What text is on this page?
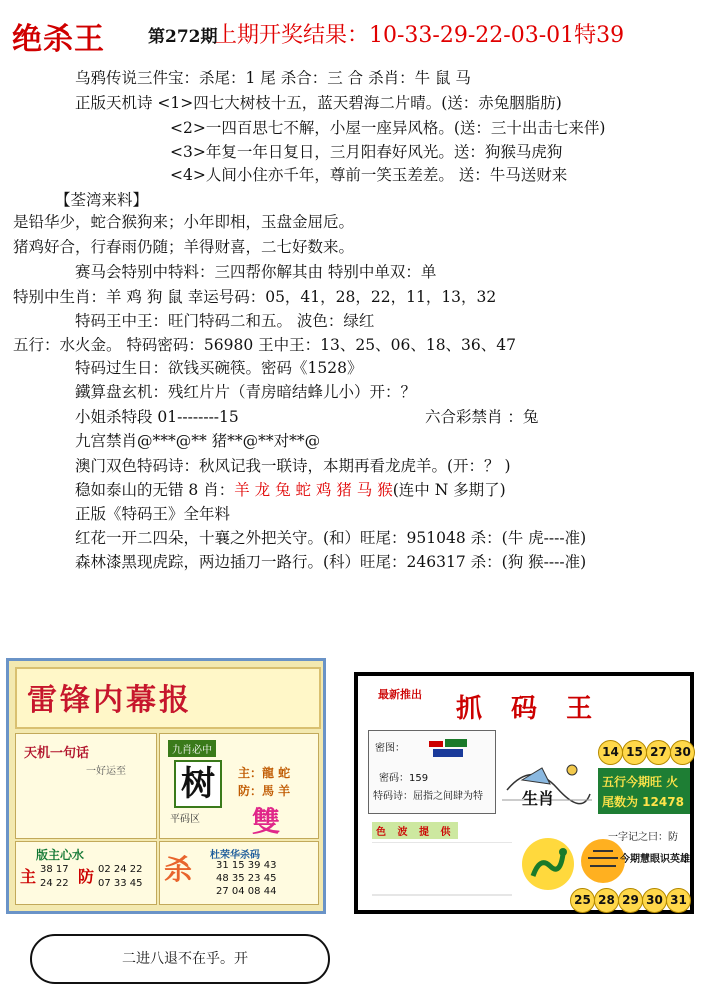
绝杀王	第272期
上期开奖结果：10-33-29-22-03-01特39
乌鸦传说三件宝：杀尾：1 尾 杀合：三 合 杀肖：牛 鼠 马
正版天机诗 <1>四七大树枝十五，蓝天碧海二片晴。(送：赤兔胭脂肪)
<2>一四百思七不解，小屋一座异风格。(送：三十出击七来伴)
<3>年复一年日复日，三月阳春好风光。送：狗猴马虎狗
<4>人间小住亦千年，尊前一笑玉差差。 送：牛马送财来
【荃湾来料】
是铅华少，蛇合猴狗来；小年即相，玉盘金屈卮。
猪鸡好合，行春雨仍随；羊得财喜，二七好数来。
赛马会特别中特料：三四帮你解其由 特别中单双：单
特别中生肖：羊 鸡 狗 鼠 幸运号码：05，41，28，22，11，13，32
特码王中王：旺门特码二和五。 波色：绿红
五行：水火金。 特码密码：56980 王中王：13、25、06、18、36、47
特码过生日：欲钱买碗筷。密码《1528》
鐵算盘玄机：残红片片（青房暗结蜂儿小）开：？
小姐杀特段 01--------15	六合彩禁肖 ：兔
九宫禁肖@***@** 猪**@**对**@
澳门双色特码诗：秋风记我一联诗，本期再看龙虎羊。(开：？ )
稳如泰山的无错 8 肖：羊 龙 兔 蛇 鸡 猪 马 猴(连中 N 多期了)
正版《特码王》全年料
红花一开二四朵，十襄之外把关守。(和）旺尾：951048 杀：(牛 虎----准)
森林漆黑现虎踪，两边插刀一路行。(科）旺尾：246317 杀：(狗 猴----准)
雷锋内幕报
天机一句话
一好运至
版主心水
主 38 17
24 22 防 02 24 22
07 33 45
九肖必中
树	主：龍 蛇
防：馬 羊
平码区 雙
杀 杜荣华杀码
31 15 39 43
48 35 23 45
27 04 08 44
最新推出 抓 码 王
密图：
密码：159
特码诗： 屈指之间肆为特 生肖
14 15 27 30
五行今期旺 火
尾数为 12478
色 波 提 供	一字记之曰：防
今期慧眼识英雄
25 28 29 30 31
二进八退不在乎。开
